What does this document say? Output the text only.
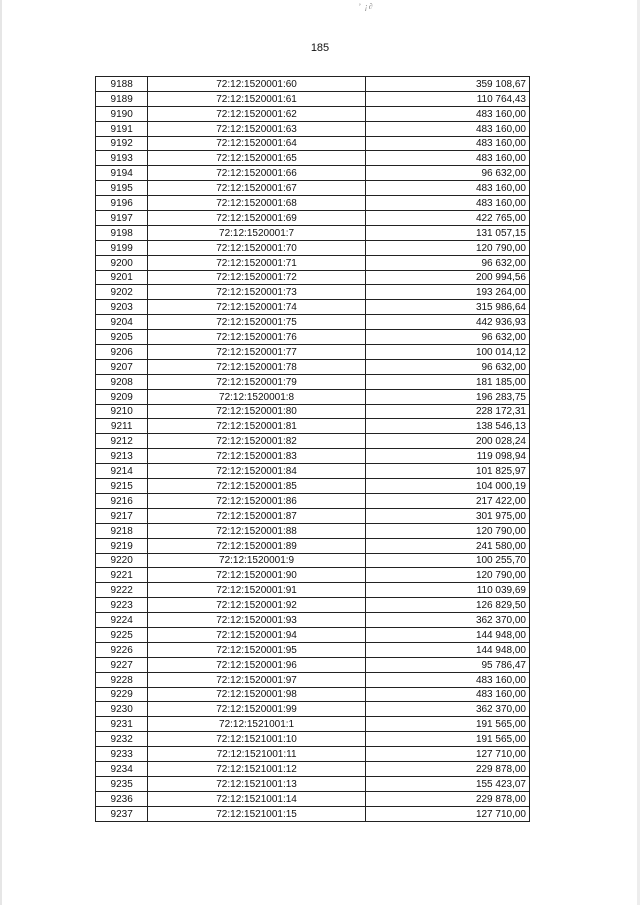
ʼ ¡∂
185
9188	72:12:1520001:60	359 108,67
9189	72:12:1520001:61	110 764,43
9190	72:12:1520001:62	483 160,00
9191	72:12:1520001:63	483 160,00
9192	72:12:1520001:64	483 160,00
9193	72:12:1520001:65	483 160,00
9194	72:12:1520001:66	96 632,00
9195	72:12:1520001:67	483 160,00
9196	72:12:1520001:68	483 160,00
9197	72:12:1520001:69	422 765,00
9198	72:12:1520001:7	131 057,15
9199	72:12:1520001:70	120 790,00
9200	72:12:1520001:71	96 632,00
9201	72:12:1520001:72	200 994,56
9202	72:12:1520001:73	193 264,00
9203	72:12:1520001:74	315 986,64
9204	72:12:1520001:75	442 936,93
9205	72:12:1520001:76	96 632,00
9206	72:12:1520001:77	100 014,12
9207	72:12:1520001:78	96 632,00
9208	72:12:1520001:79	181 185,00
9209	72:12:1520001:8	196 283,75
9210	72:12:1520001:80	228 172,31
9211	72:12:1520001:81	138 546,13
9212	72:12:1520001:82	200 028,24
9213	72:12:1520001:83	119 098,94
9214	72:12:1520001:84	101 825,97
9215	72:12:1520001:85	104 000,19
9216	72:12:1520001:86	217 422,00
9217	72:12:1520001:87	301 975,00
9218	72:12:1520001:88	120 790,00
9219	72:12:1520001:89	241 580,00
9220	72:12:1520001:9	100 255,70
9221	72:12:1520001:90	120 790,00
9222	72:12:1520001:91	110 039,69
9223	72:12:1520001:92	126 829,50
9224	72:12:1520001:93	362 370,00
9225	72:12:1520001:94	144 948,00
9226	72:12:1520001:95	144 948,00
9227	72:12:1520001:96	95 786,47
9228	72:12:1520001:97	483 160,00
9229	72:12:1520001:98	483 160,00
9230	72:12:1520001:99	362 370,00
9231	72:12:1521001:1	191 565,00
9232	72:12:1521001:10	191 565,00
9233	72:12:1521001:11	127 710,00
9234	72:12:1521001:12	229 878,00
9235	72:12:1521001:13	155 423,07
9236	72:12:1521001:14	229 878,00
9237	72:12:1521001:15	127 710,00
